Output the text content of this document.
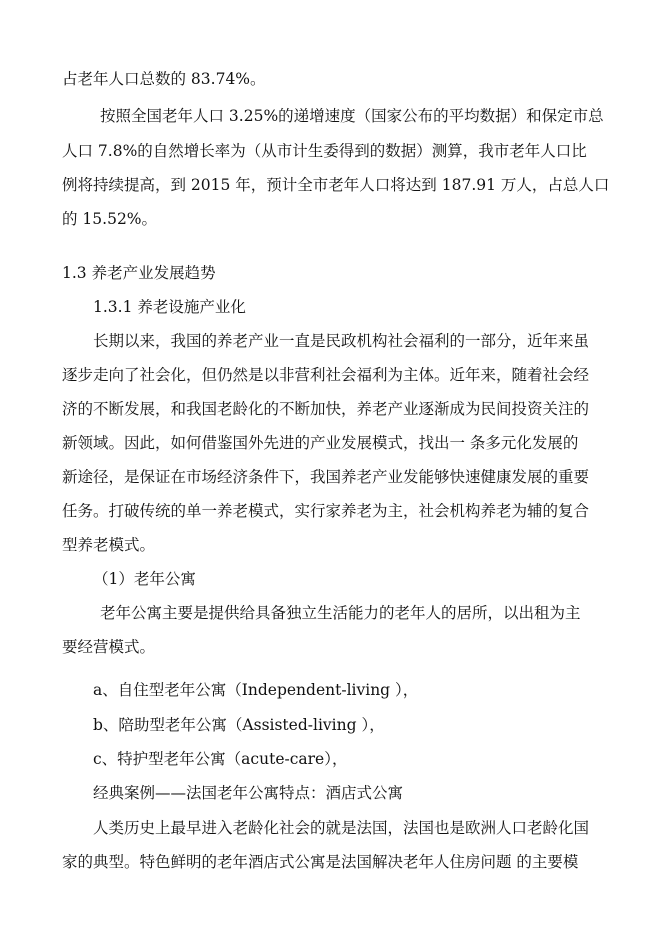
占老年人口总数的 83.74%。
按照全国老年人口 3.25%的递增速度（国家公布的平均数据）和保定市总
人口 7.8%的自然增长率为（从市计生委得到的数据）测算，我市老年人口比
例将持续提高，到 2015 年，预计全市老年人口将达到 187.91 万人，占总人口
的 15.52%。
1.3 养老产业发展趋势
1.3.1 养老设施产业化
长期以来，我国的养老产业一直是民政机构社会福利的一部分，近年来虽
逐步走向了社会化，但仍然是以非营利社会福利为主体。近年来，随着社会经
济的不断发展，和我国老龄化的不断加快，养老产业逐渐成为民间投资关注的
新领域。因此，如何借鉴国外先进的产业发展模式，找出一 条多元化发展的
新途径，是保证在市场经济条件下，我国养老产业发能够快速健康发展的重要
任务。打破传统的单一养老模式，实行家养老为主，社会机构养老为辅的复合
型养老模式。
（1）老年公寓
老年公寓主要是提供给具备独立生活能力的老年人的居所，以出租为主
要经营模式。
a、自住型老年公寓（Independent-living ），
b、陪助型老年公寓（Assisted-living ），
c、特护型老年公寓（acute-care），
经典案例——法国老年公寓特点：酒店式公寓
人类历史上最早进入老龄化社会的就是法国，法国也是欧洲人口老龄化国
家的典型。特色鲜明的老年酒店式公寓是法国解决老年人住房问题 的主要模
